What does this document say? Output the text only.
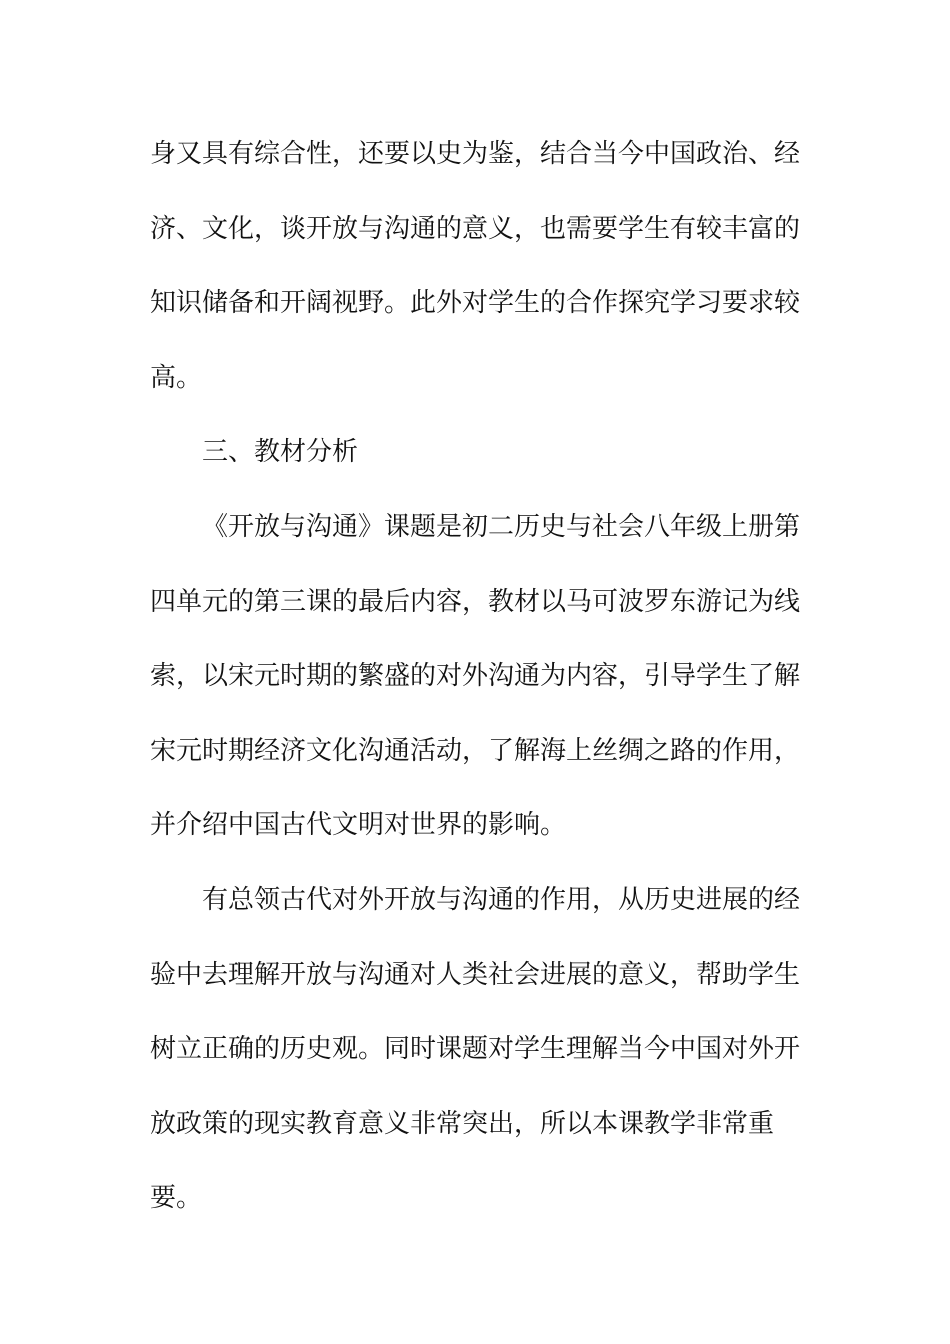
身又具有综合性，还要以史为鉴，结合当今中国政治、经
济、文化，谈开放与沟通的意义，也需要学生有较丰富的
知识储备和开阔视野。此外对学生的合作探究学习要求较
高。
三、教材分析
《开放与沟通》课题是初二历史与社会八年级上册第
四单元的第三课的最后内容，教材以马可波罗东游记为线
索，以宋元时期的繁盛的对外沟通为内容，引导学生了解
宋元时期经济文化沟通活动，了解海上丝绸之路的作用，
并介绍中国古代文明对世界的影响。
有总领古代对外开放与沟通的作用，从历史进展的经
验中去理解开放与沟通对人类社会进展的意义，帮助学生
树立正确的历史观。同时课题对学生理解当今中国对外开
放政策的现实教育意义非常突出，所以本课教学非常重
要。
